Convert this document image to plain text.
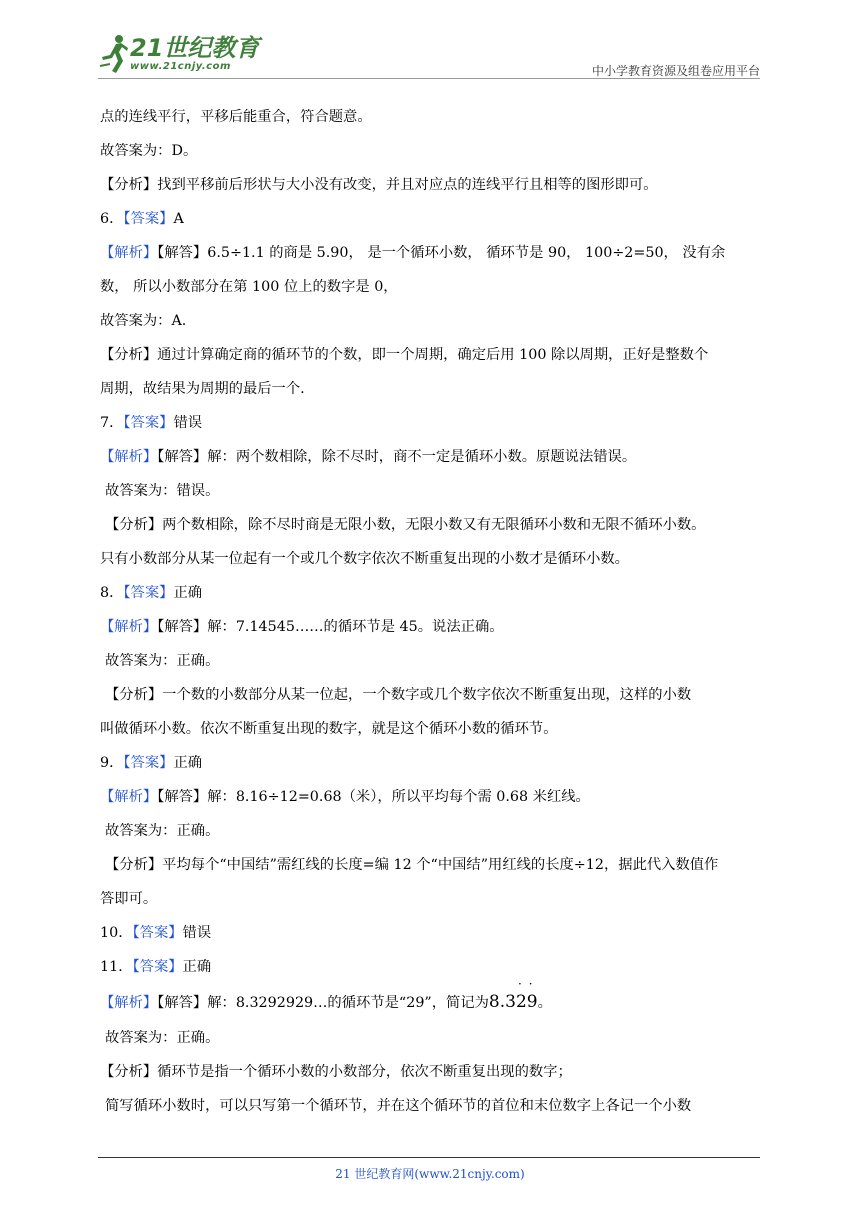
21世纪教育
www.21cnjy.com	中小学教育资源及组卷应用平台
点的连线平行，平移后能重合，符合题意。
故答案为：D。
【分析】找到平移前后形状与大小没有改变，并且对应点的连线平行且相等的图形即可。
6．【答案】A
【解析】【解答】6.5÷1.1 的商是 5.90， 是一个循环小数， 循环节是 90， 100÷2=50， 没有余
数， 所以小数部分在第 100 位上的数字是 0，
故答案为：A.
【分析】通过计算确定商的循环节的个数，即一个周期，确定后用 100 除以周期，正好是整数个
周期，故结果为周期的最后一个.
7．【答案】错误
【解析】【解答】解：两个数相除，除不尽时，商不一定是循环小数。原题说法错误。
故答案为：错误。
【分析】两个数相除，除不尽时商是无限小数，无限小数又有无限循环小数和无限不循环小数。
只有小数部分从某一位起有一个或几个数字依次不断重复出现的小数才是循环小数。
8．【答案】正确
【解析】【解答】解：7.14545……的循环节是 45。说法正确。
故答案为：正确。
【分析】一个数的小数部分从某一位起，一个数字或几个数字依次不断重复出现，这样的小数
叫做循环小数。依次不断重复出现的数字，就是这个循环小数的循环节。
9．【答案】正确
【解析】【解答】解：8.16÷12=0.68（米），所以平均每个需 0.68 米红线。
故答案为：正确。
【分析】平均每个“中国结”需红线的长度=编 12 个“中国结”用红线的长度÷12，据此代入数值作
答即可。
10．【答案】错误
11．【答案】正确
【解析】【解答】解：8.3292929…的循环节是“29”，简记为8.3
·
2
·
9。
故答案为：正确。
【分析】循环节是指一个循环小数的小数部分，依次不断重复出现的数字；
简写循环小数时，可以只写第一个循环节，并在这个循环节的首位和末位数字上各记一个小数
21 世纪教育网(www.21cnjy.com)
